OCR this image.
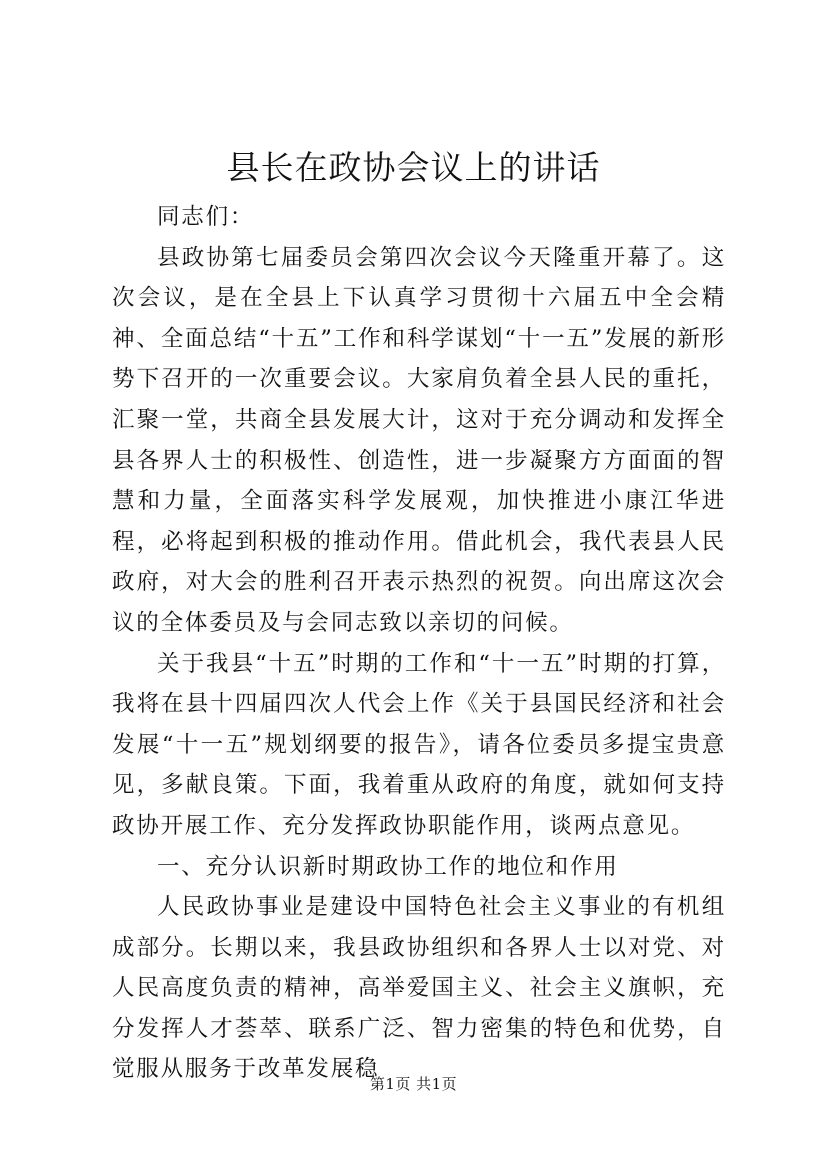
县长在政协会议上的讲话

同志们：

县政协第七届委员会第四次会议今天隆重开幕了。这次会议，是在全县上下认真学习贯彻十六届五中全会精神、全面总结“十五”工作和科学谋划“十一五”发展的新形势下召开的一次重要会议。大家肩负着全县人民的重托，汇聚一堂，共商全县发展大计，这对于充分调动和发挥全县各界人士的积极性、创造性，进一步凝聚方方面面的智慧和力量，全面落实科学发展观，加快推进小康江华进程，必将起到积极的推动作用。借此机会，我代表县人民政府，对大会的胜利召开表示热烈的祝贺。向出席这次会议的全体委员及与会同志致以亲切的问候。

关于我县“十五”时期的工作和“十一五”时期的打算，我将在县十四届四次人代会上作《关于县国民经济和社会发展“十一五”规划纲要的报告》，请各位委员多提宝贵意见，多献良策。下面，我着重从政府的角度，就如何支持政协开展工作、充分发挥政协职能作用，谈两点意见。

一、充分认识新时期政协工作的地位和作用

人民政协事业是建设中国特色社会主义事业的有机组成部分。长期以来，我县政协组织和各界人士以对党、对人民高度负责的精神，高举爱国主义、社会主义旗帜，充分发挥人才荟萃、联系广泛、智力密集的特色和优势，自觉服从服务于改革发展稳

第1页 共1页
